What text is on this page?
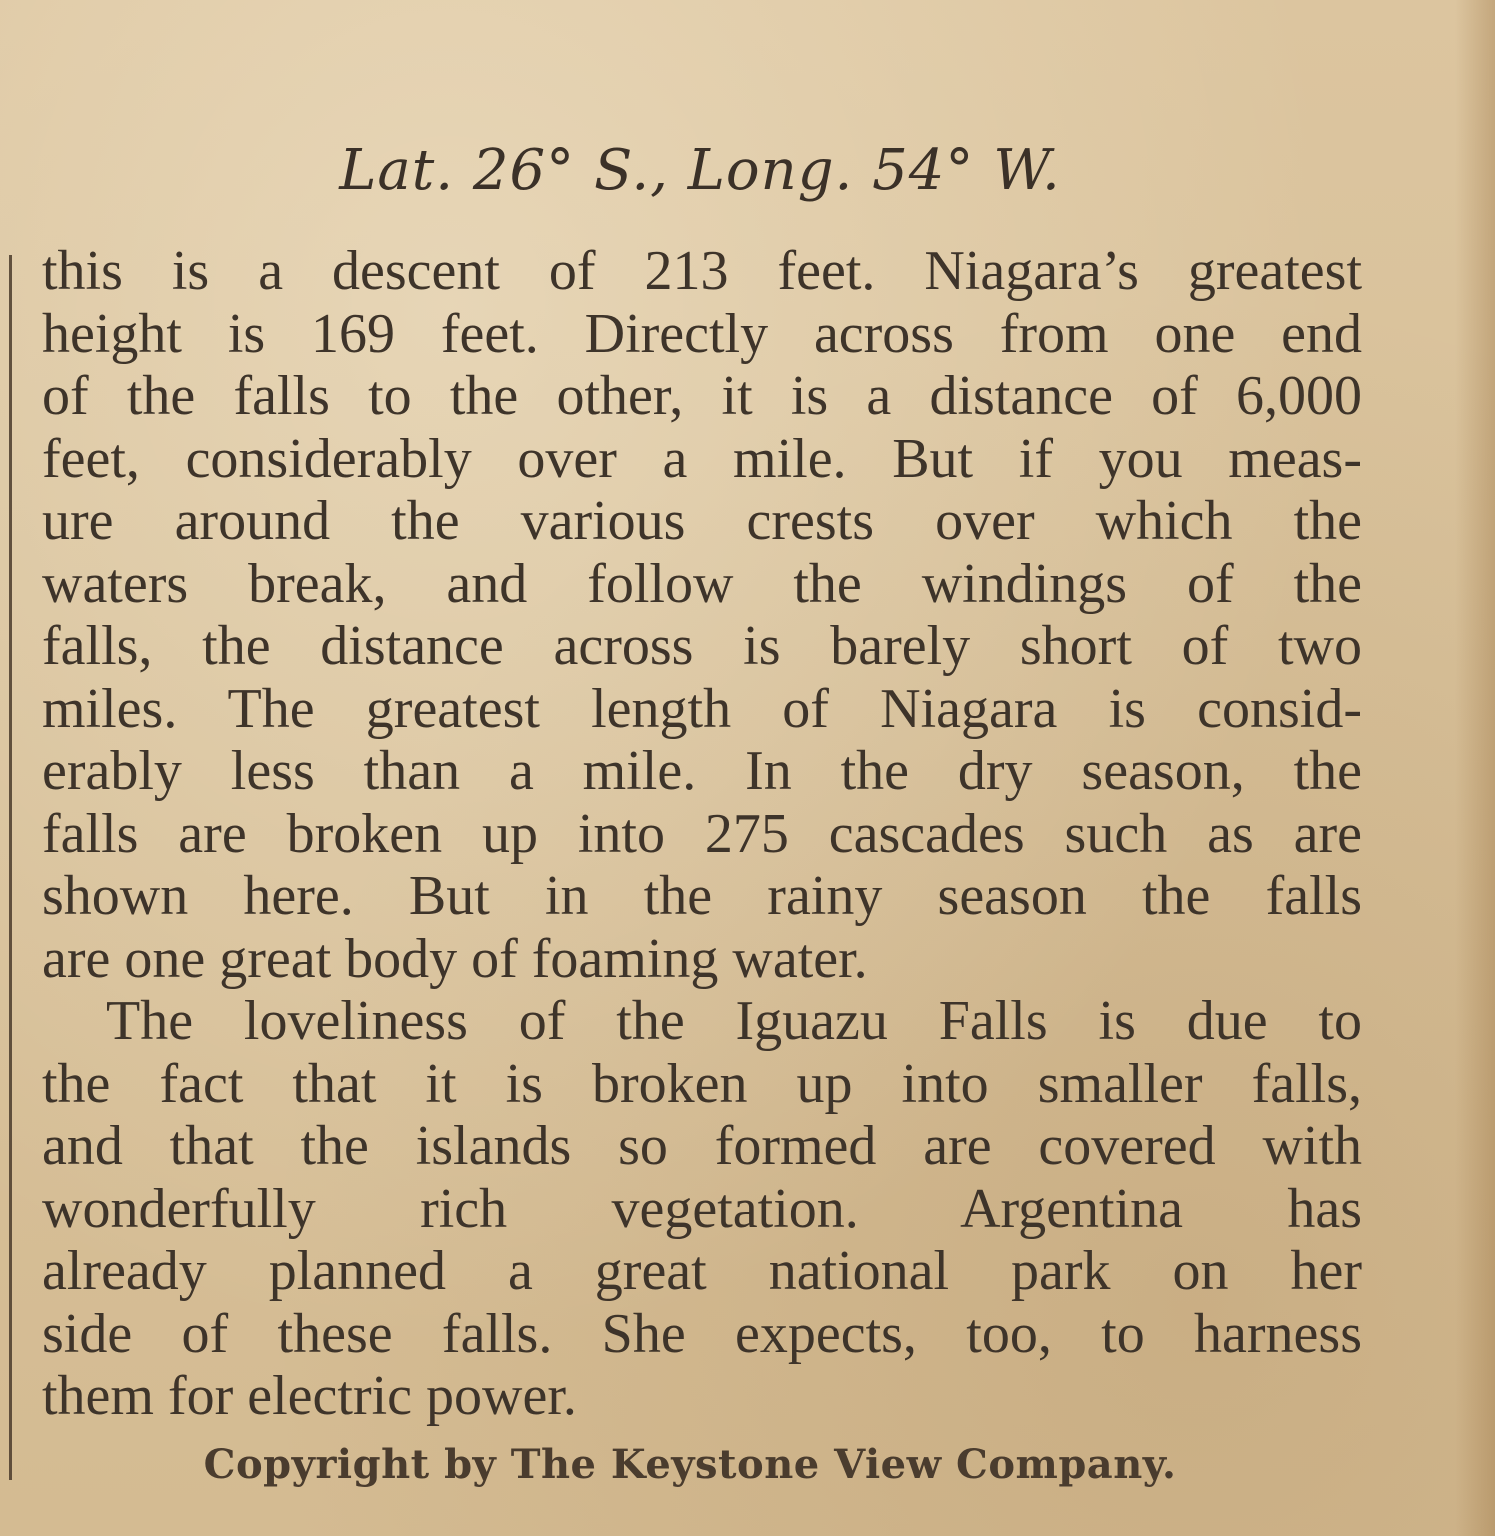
Lat. 26° S., Long. 54° W.
this is a descent of 213 feet. Niagara’s greatest
height is 169 feet. Directly across from one end
of the falls to the other, it is a distance of 6,000
feet, considerably over a mile. But if you meas-
ure around the various crests over which the
waters break, and follow the windings of the
falls, the distance across is barely short of two
miles. The greatest length of Niagara is consid-
erably less than a mile. In the dry season, the
falls are broken up into 275 cascades such as are
shown here. But in the rainy season the falls
are one great body of foaming water.
The loveliness of the Iguazu Falls is due to
the fact that it is broken up into smaller falls,
and that the islands so formed are covered with
wonderfully rich vegetation. Argentina has
already planned a great national park on her
side of these falls. She expects, too, to harness
them for electric power.
Copyright by The Keystone View Company.
